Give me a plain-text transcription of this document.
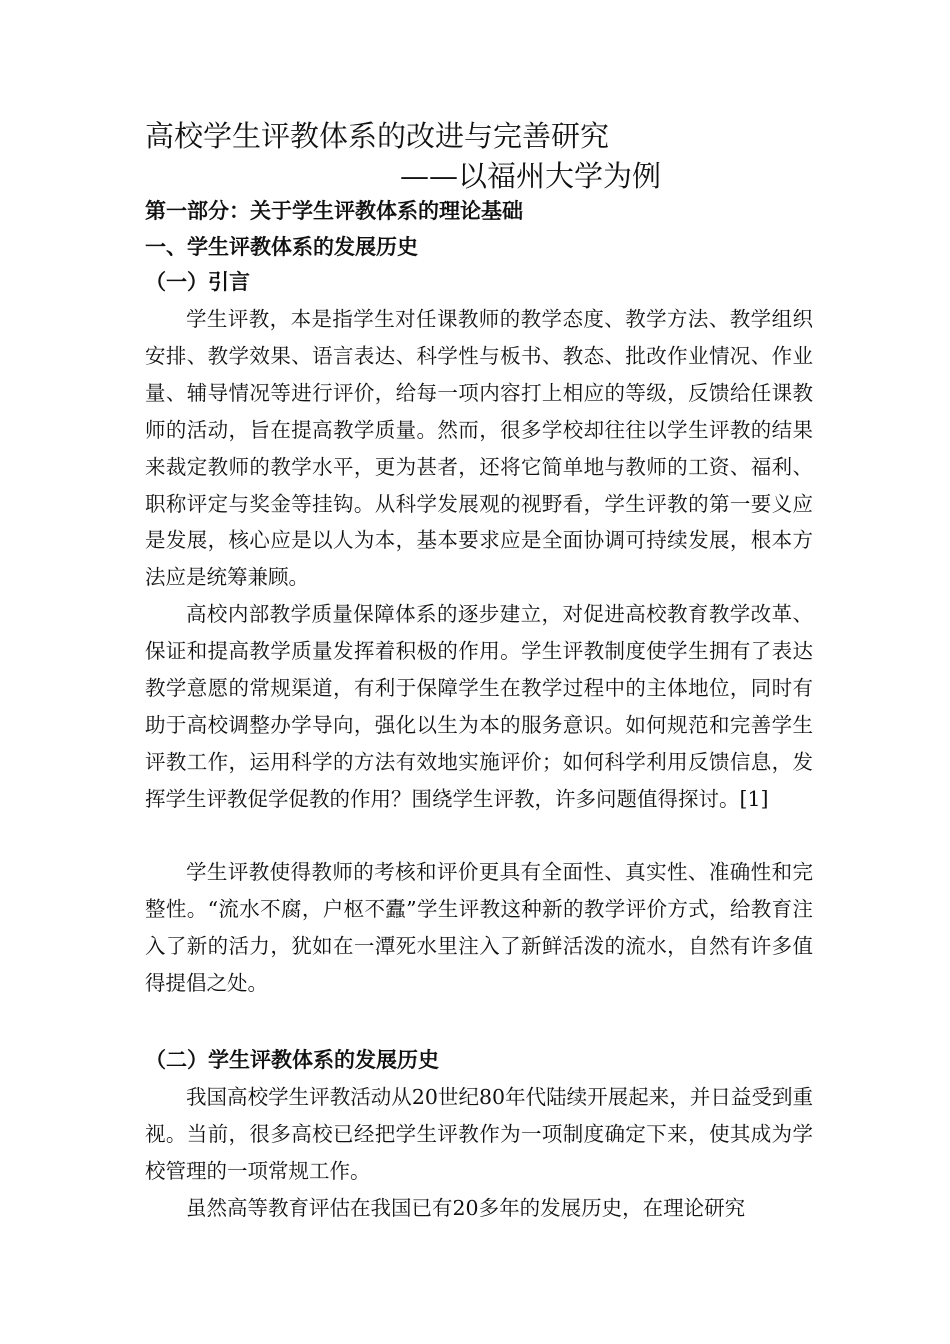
高校学生评教体系的改进与完善研究
——以福州大学为例
第一部分：关于学生评教体系的理论基础
一、学生评教体系的发展历史
（一）引言

学生评教，本是指学生对任课教师的教学态度、教学方法、教学组织安排、教学效果、语言表达、科学性与板书、教态、批改作业情况、作业量、辅导情况等进行评价，给每一项内容打上相应的等级，反馈给任课教师的活动，旨在提高教学质量。然而，很多学校却往往以学生评教的结果来裁定教师的教学水平，更为甚者，还将它简单地与教师的工资、福利、职称评定与奖金等挂钩。从科学发展观的视野看，学生评教的第一要义应是发展，核心应是以人为本，基本要求应是全面协调可持续发展，根本方法应是统筹兼顾。

高校内部教学质量保障体系的逐步建立，对促进高校教育教学改革、保证和提高教学质量发挥着积极的作用。学生评教制度使学生拥有了表达教学意愿的常规渠道，有利于保障学生在教学过程中的主体地位，同时有助于高校调整办学导向，强化以生为本的服务意识。如何规范和完善学生评教工作，运用科学的方法有效地实施评价；如何科学利用反馈信息，发挥学生评教促学促教的作用？围绕学生评教，许多问题值得探讨。[1]

学生评教使得教师的考核和评价更具有全面性、真实性、准确性和完整性。“流水不腐，户枢不蠹”学生评教这种新的教学评价方式，给教育注入了新的活力，犹如在一潭死水里注入了新鲜活泼的流水，自然有许多值得提倡之处。

（二）学生评教体系的发展历史

我国高校学生评教活动从20世纪80年代陆续开展起来，并日益受到重视。当前，很多高校已经把学生评教作为一项制度确定下来，使其成为学校管理的一项常规工作。

虽然高等教育评估在我国已有20多年的发展历史，在理论研究
